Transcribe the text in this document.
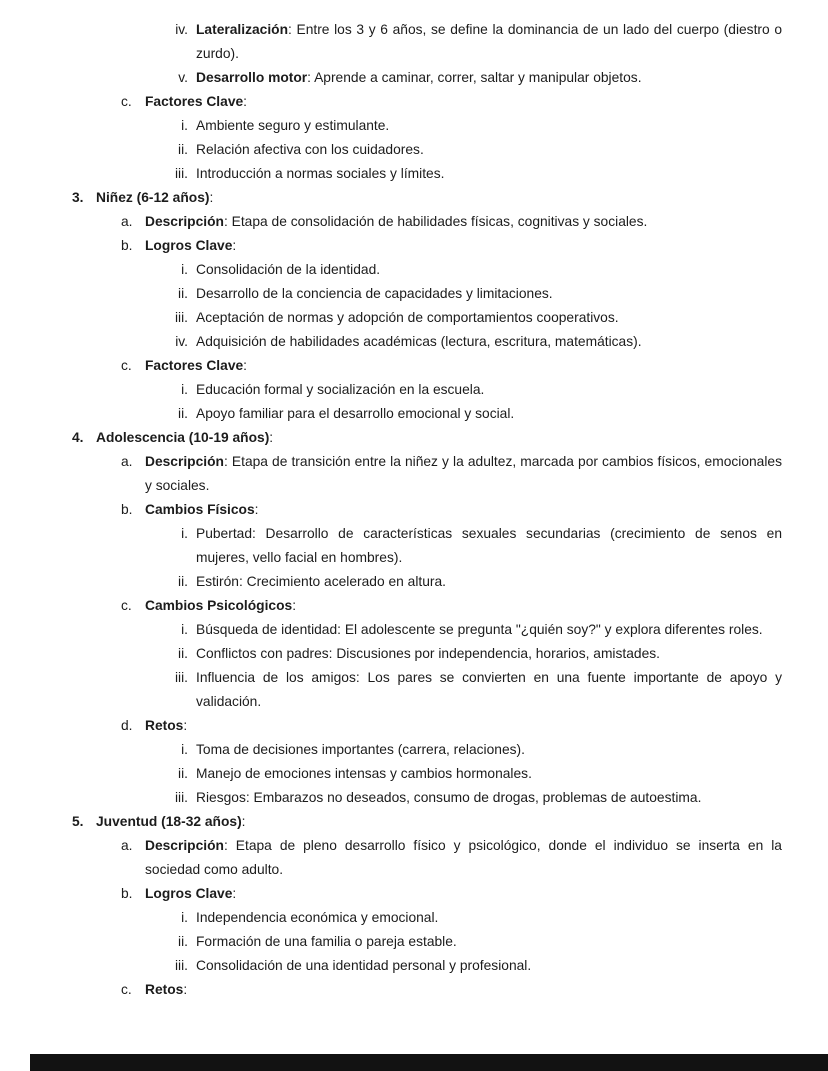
iv. Lateralización: Entre los 3 y 6 años, se define la dominancia de un lado del cuerpo (diestro o zurdo).
v. Desarrollo motor: Aprende a caminar, correr, saltar y manipular objetos.
c. Factores Clave:
i. Ambiente seguro y estimulante.
ii. Relación afectiva con los cuidadores.
iii. Introducción a normas sociales y límites.
3. Niñez (6-12 años):
a. Descripción: Etapa de consolidación de habilidades físicas, cognitivas y sociales.
b. Logros Clave:
i. Consolidación de la identidad.
ii. Desarrollo de la conciencia de capacidades y limitaciones.
iii. Aceptación de normas y adopción de comportamientos cooperativos.
iv. Adquisición de habilidades académicas (lectura, escritura, matemáticas).
c. Factores Clave:
i. Educación formal y socialización en la escuela.
ii. Apoyo familiar para el desarrollo emocional y social.
4. Adolescencia (10-19 años):
a. Descripción: Etapa de transición entre la niñez y la adultez, marcada por cambios físicos, emocionales y sociales.
b. Cambios Físicos:
i. Pubertad: Desarrollo de características sexuales secundarias (crecimiento de senos en mujeres, vello facial en hombres).
ii. Estirón: Crecimiento acelerado en altura.
c. Cambios Psicológicos:
i. Búsqueda de identidad: El adolescente se pregunta "¿quién soy?" y explora diferentes roles.
ii. Conflictos con padres: Discusiones por independencia, horarios, amistades.
iii. Influencia de los amigos: Los pares se convierten en una fuente importante de apoyo y validación.
d. Retos:
i. Toma de decisiones importantes (carrera, relaciones).
ii. Manejo de emociones intensas y cambios hormonales.
iii. Riesgos: Embarazos no deseados, consumo de drogas, problemas de autoestima.
5. Juventud (18-32 años):
a. Descripción: Etapa de pleno desarrollo físico y psicológico, donde el individuo se inserta en la sociedad como adulto.
b. Logros Clave:
i. Independencia económica y emocional.
ii. Formación de una familia o pareja estable.
iii. Consolidación de una identidad personal y profesional.
c. Retos:
